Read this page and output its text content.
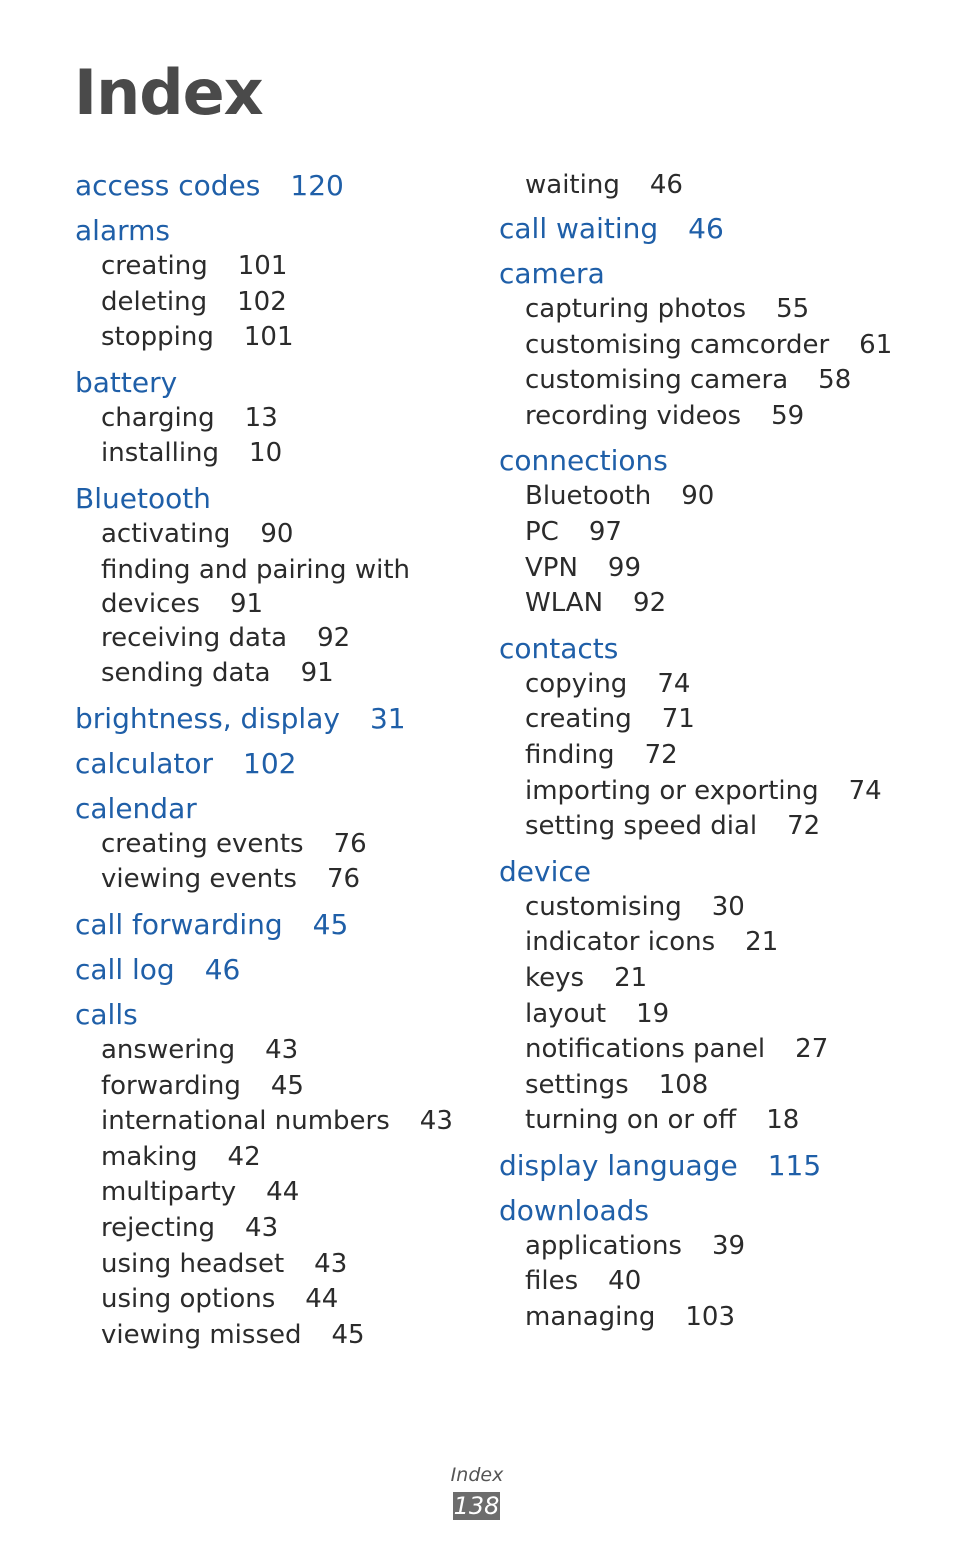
Index
access codes 120
alarms
creating 101
deleting 102
stopping 101
battery
charging 13
installing 10
Bluetooth
activating 90
finding and pairing with devices 91
receiving data 92
sending data 91
brightness, display 31
calculator 102
calendar
creating events 76
viewing events 76
call forwarding 45
call log 46
calls
answering 43
forwarding 45
international numbers 43
making 42
multiparty 44
rejecting 43
using headset 43
using options 44
viewing missed 45
waiting 46
call waiting 46
camera
capturing photos 55
customising camcorder 61
customising camera 58
recording videos 59
connections
Bluetooth 90
PC 97
VPN 99
WLAN 92
contacts
copying 74
creating 71
finding 72
importing or exporting 74
setting speed dial 72
device
customising 30
indicator icons 21
keys 21
layout 19
notifications panel 27
settings 108
turning on or off 18
display language 115
downloads
applications 39
files 40
managing 103
Index
138
